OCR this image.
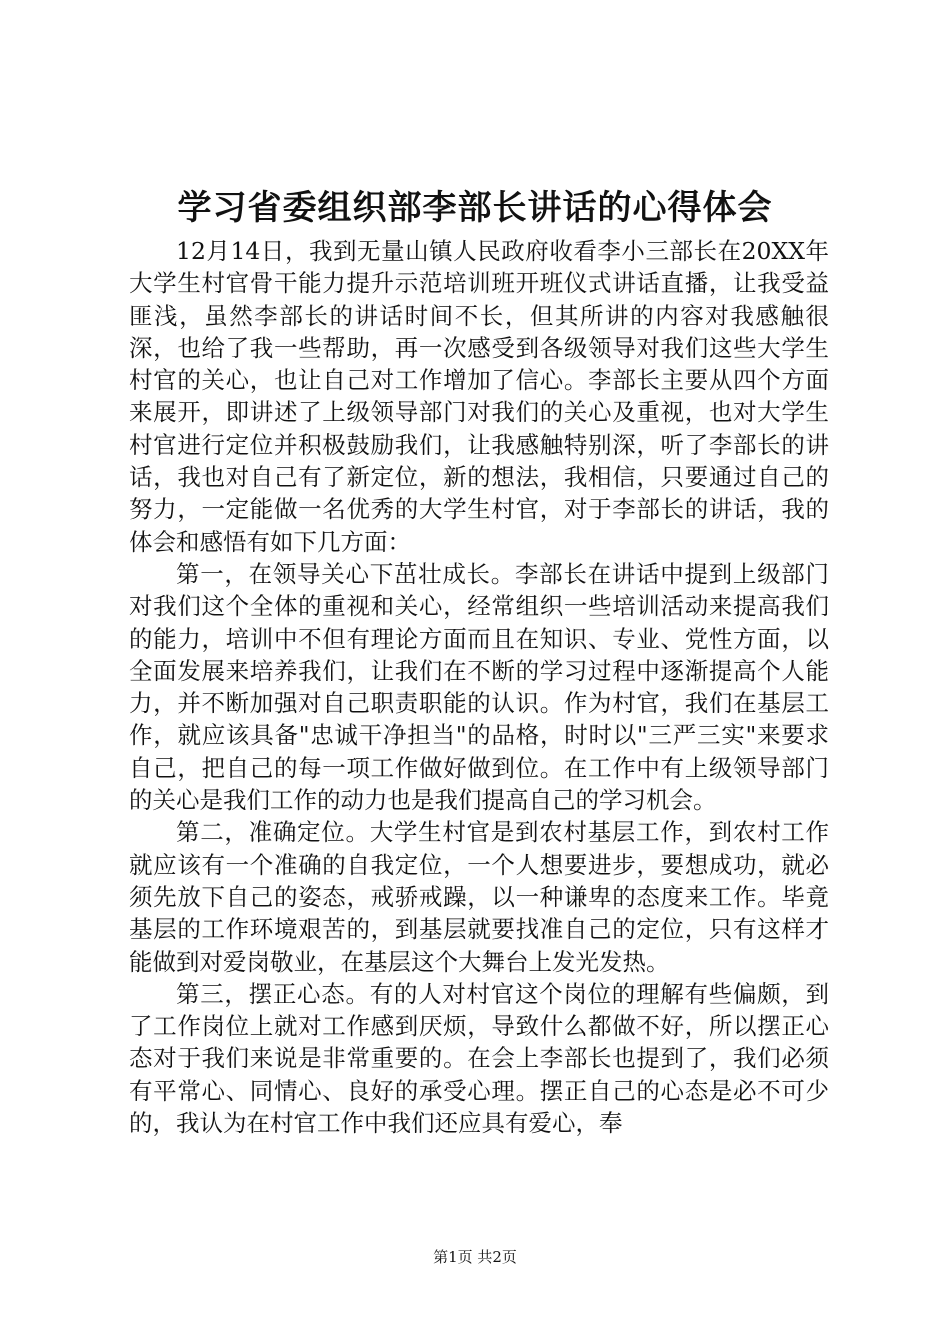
学习省委组织部李部长讲话的心得体会

12月14日，我到无量山镇人民政府收看李小三部长在20XX年大学生村官骨干能力提升示范培训班开班仪式讲话直播，让我受益匪浅，虽然李部长的讲话时间不长，但其所讲的内容对我感触很深，也给了我一些帮助，再一次感受到各级领导对我们这些大学生村官的关心，也让自己对工作增加了信心。李部长主要从四个方面来展开，即讲述了上级领导部门对我们的关心及重视，也对大学生村官进行定位并积极鼓励我们，让我感触特别深，听了李部长的讲话，我也对自己有了新定位，新的想法，我相信，只要通过自己的努力，一定能做一名优秀的大学生村官，对于李部长的讲话，我的体会和感悟有如下几方面：

第一，在领导关心下茁壮成长。李部长在讲话中提到上级部门对我们这个全体的重视和关心，经常组织一些培训活动来提高我们的能力，培训中不但有理论方面而且在知识、专业、党性方面，以全面发展来培养我们，让我们在不断的学习过程中逐渐提高个人能力，并不断加强对自己职责职能的认识。作为村官，我们在基层工作，就应该具备"忠诚干净担当"的品格，时时以"三严三实"来要求自己，把自己的每一项工作做好做到位。在工作中有上级领导部门的关心是我们工作的动力也是我们提高自己的学习机会。

第二，准确定位。大学生村官是到农村基层工作，到农村工作就应该有一个准确的自我定位，一个人想要进步，要想成功，就必须先放下自己的姿态，戒骄戒躁，以一种谦卑的态度来工作。毕竟基层的工作环境艰苦的，到基层就要找准自己的定位，只有这样才能做到对爱岗敬业，在基层这个大舞台上发光发热。

第三，摆正心态。有的人对村官这个岗位的理解有些偏颇，到了工作岗位上就对工作感到厌烦，导致什么都做不好，所以摆正心态对于我们来说是非常重要的。在会上李部长也提到了，我们必须有平常心、同情心、良好的承受心理。摆正自己的心态是必不可少的，我认为在村官工作中我们还应具有爱心，奉

第1页 共2页
